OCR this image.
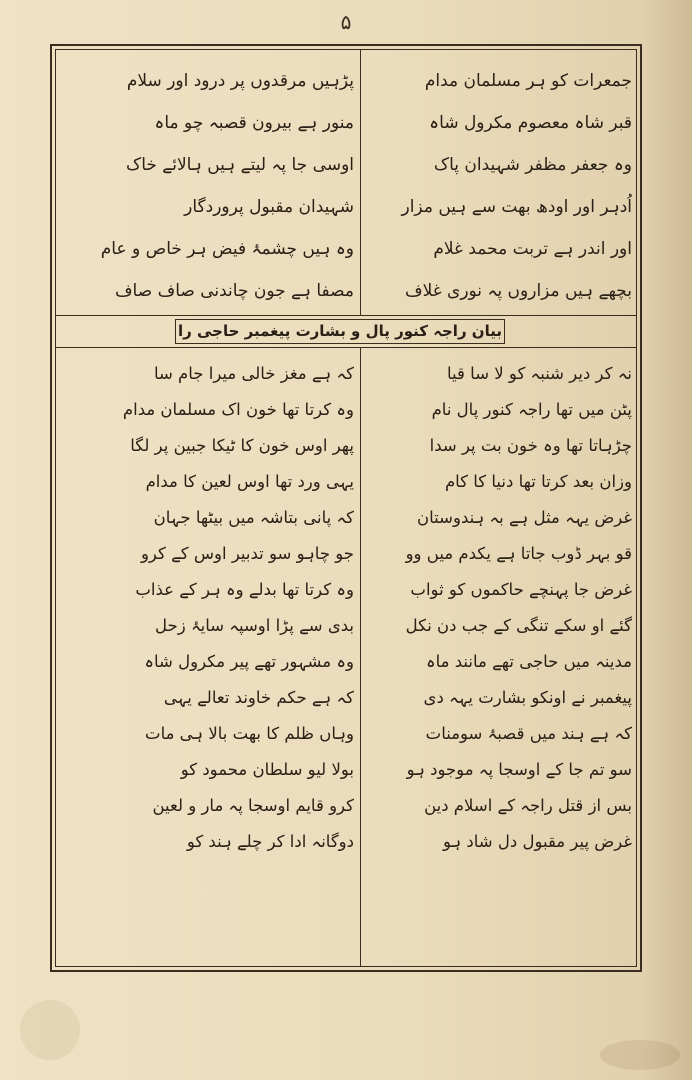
۵
بیان راجہ کنور پال و بشارت پیغمبر حاجی را
جمعرات کو ہر مسلمان مدام
قبر شاہ معصوم مکرول شاہ
وہ جعفر مظفر شہیدان پاک
اُدہر اور اودھ بھت سے ہیں مزار
اور اندر ہے تربت محمد غلام
بچھے ہیں مزاروں پہ نوری غلاف
پڑہیں مرقدوں پر درود اور سلام
منور ہے بیرون قصبہ چو ماہ
اوسی جا پہ لیتے ہیں ہالائے خاک
شہیدان مقبول پروردگار
وہ ہیں چشمۂ فیض ہر خاص و عام
مصفا ہے جون چاندنی صاف صاف
نہ کر دیر شنبہ کو لا سا قیا
پٹن میں تھا راجہ کنور پال نام
چڑہاتا تھا وہ خون بت پر سدا
وزان بعد کرتا تھا دنیا کا کام
غرض یہہ مثل ہے بہ ہندوستان
قو بہر ڈوب جاتا ہے یکدم میں وو
غرض جا پہنچے حاکموں کو ثواب
گئے او سکے تنگی کے جب دن نکل
مدینہ میں حاجی تھے مانند ماہ
پیغمبر نے اونکو بشارت یہہ دی
کہ ہے ہند میں قصبۂ سومنات
سو تم جا کے اوسجا پہ موجود ہو
بس از قتل راجہ کے اسلام دین
غرض پیر مقبول دل شاد ہو
کہ ہے مغز خالی میرا جام سا
وہ کرتا تھا خون اک مسلمان مدام
پھر اوس خون کا ٹیکا جبین پر لگا
یہی ورد تھا اوس لعین کا مدام
کہ پانی بتاشہ میں بیٹھا جہان
جو چاہو سو تدبیر اوس کے کرو
وہ کرتا تھا بدلے وہ ہر کے عذاب
بدی سے پڑا اوسپہ سایۂ زحل
وہ مشہور تھے پیر مکرول شاہ
کہ ہے حکم خاوند تعالے یہی
وہاں ظلم کا بھت بالا ہی مات
بولا لیو سلطان محمود کو
کرو قایم اوسجا پہ مار و لعین
دوگانہ ادا کر چلے ہند کو
